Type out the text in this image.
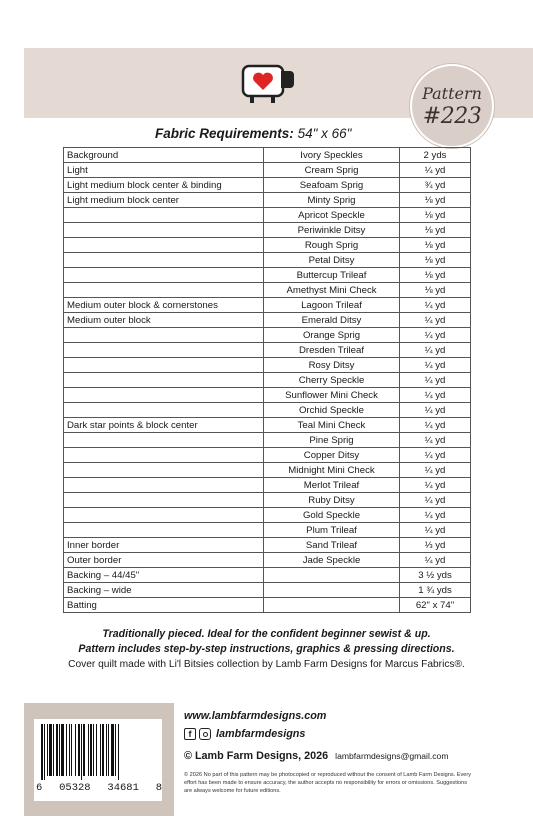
Pattern
#223
Fabric Requirements: 54" x 66"
Background	Ivory Speckles	2 yds
Light	Cream Sprig	¼ yd
Light medium block center & binding	Seafoam Sprig	¾ yd
Light medium block center	Minty Sprig	⅛ yd
	Apricot Speckle	⅛ yd
	Periwinkle Ditsy	⅛ yd
	Rough Sprig	⅛ yd
	Petal Ditsy	⅛ yd
	Buttercup Trileaf	⅛ yd
	Amethyst Mini Check	⅛ yd
Medium outer block & cornerstones	Lagoon Trileaf	¼ yd
Medium outer block	Emerald Ditsy	¼ yd
	Orange Sprig	¼ yd
	Dresden Trileaf	¼ yd
	Rosy Ditsy	¼ yd
	Cherry Speckle	¼ yd
	Sunflower Mini Check	¼ yd
	Orchid Speckle	¼ yd
Dark star points & block center	Teal Mini Check	¼ yd
	Pine Sprig	¼ yd
	Copper Ditsy	¼ yd
	Midnight Mini Check	¼ yd
	Merlot Trileaf	¼ yd
	Ruby Ditsy	¼ yd
	Gold Speckle	¼ yd
	Plum Trileaf	¼ yd
Inner border	Sand Trileaf	⅓ yd
Outer border	Jade Speckle	¼ yd
Backing – 44/45"		3 ½ yds
Backing – wide		1 ¾ yds
Batting		62" x 74"
Traditionally pieced. Ideal for the confident beginner sewist & up.
Pattern includes step-by-step instructions, graphics & pressing directions.
Cover quilt made with Li'l Bitsies collection by Lamb Farm Designs for Marcus Fabrics®.
6 05328 34681 8
www.lambfarmdesigns.com
f	lambfarmdesigns
© Lamb Farm Designs, 2026 lambfarmdesigns@gmail.com
© 2026 No part of this pattern may be photocopied or reproduced without the consent of Lamb Farm Designs. Every effort has been made to ensure accuracy, the author accepts no responsibility for errors or omissions. Suggestions are always welcome for future editions.
